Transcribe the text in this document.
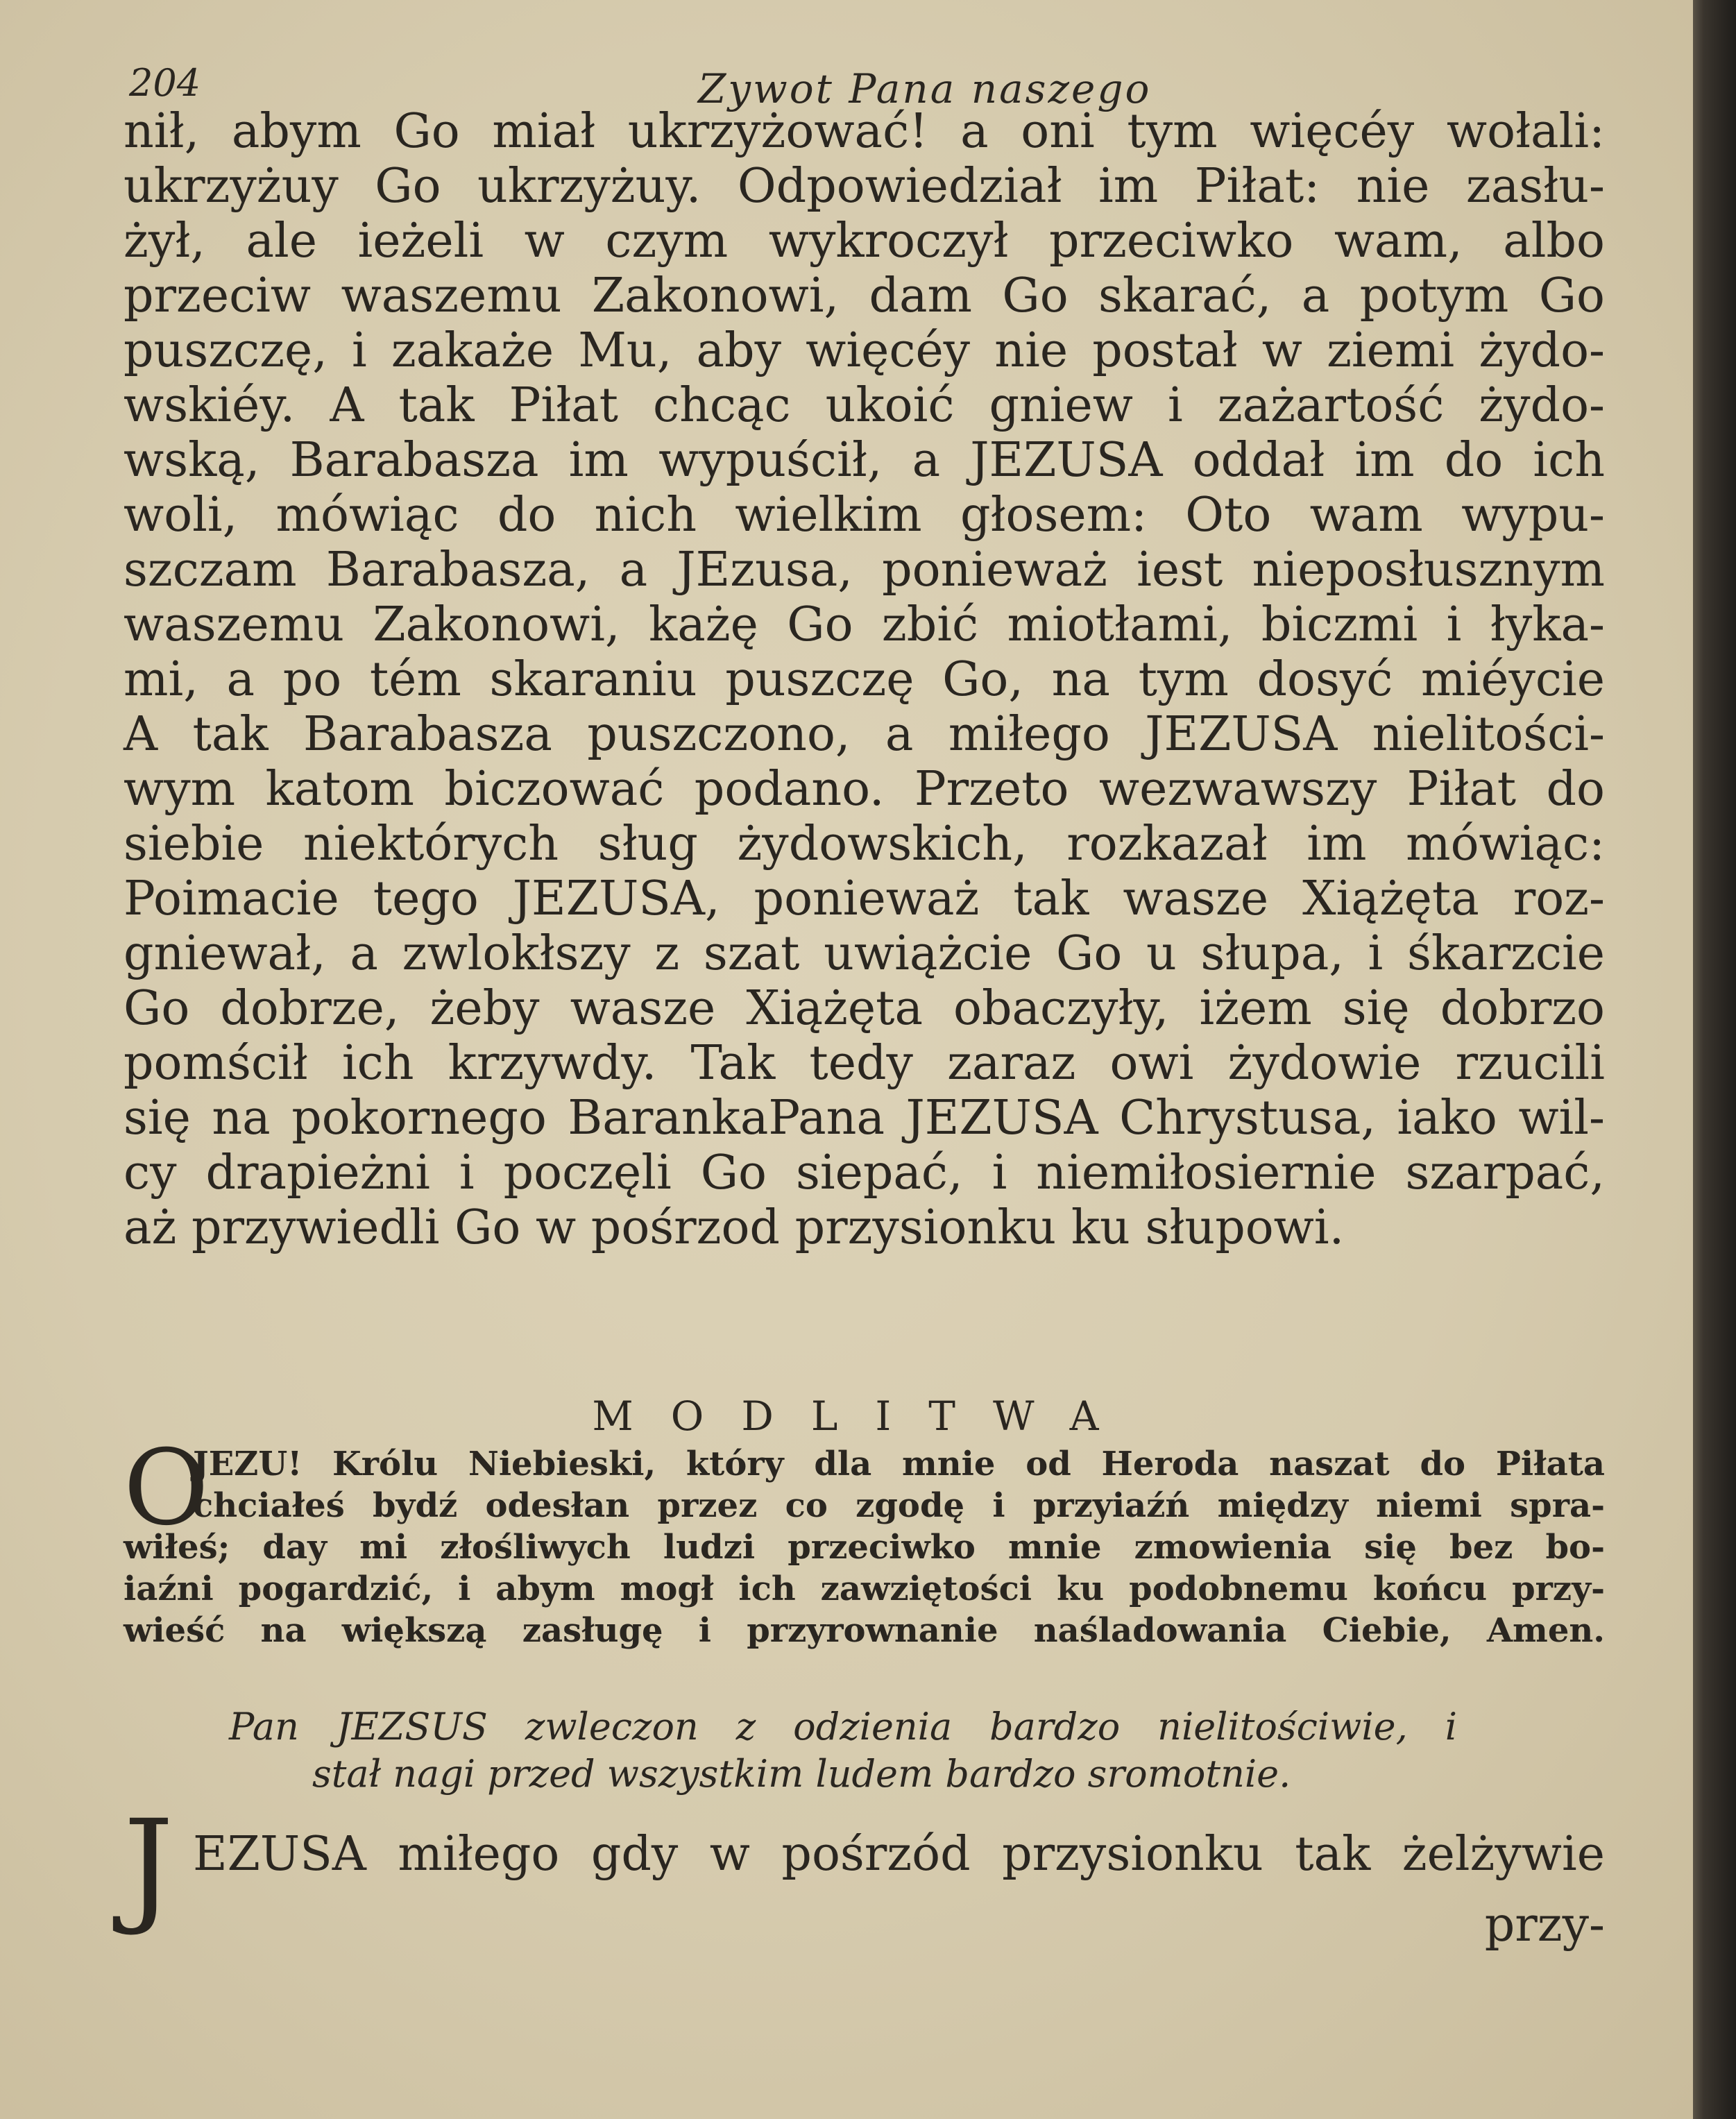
204	Zywot Pana naszego
nił, abym Go miał ukrzyżować! a oni tym więcéy wołali:
ukrzyżuy Go ukrzyżuy. Odpowiedział im Piłat: nie zasłu-
żył, ale ieżeli w czym wykroczył przeciwko wam, albo
przeciw waszemu Zakonowi, dam Go skarać, a potym Go
puszczę, i zakaże Mu, aby więcéy nie postał w ziemi żydo-
wskiéy. A tak Piłat chcąc ukoić gniew i zażartość żydo-
wską, Barabasza im wypuścił, a JEZUSA oddał im do ich
woli, mówiąc do nich wielkim głosem: Oto wam wypu-
szczam Barabasza, a JEzusa, ponieważ iest nieposłusznym
waszemu Zakonowi, każę Go zbić miotłami, biczmi i łyka-
mi, a po tém skaraniu puszczę Go, na tym dosyć miéycie
A tak Barabasza puszczono, a miłego JEZUSA nielitości-
wym katom biczować podano. Przeto wezwawszy Piłat do
siebie niektórych sług żydowskich, rozkazał im mówiąc:
Poimacie tego JEZUSA, ponieważ tak wasze Xiążęta roz-
gniewał, a zwlokłszy z szat uwiążcie Go u słupa, i śkarzcie
Go dobrze, żeby wasze Xiążęta obaczyły, iżem się dobrzo
pomścił ich krzywdy. Tak tedy zaraz owi żydowie rzucili
się na pokornego BarankaPana JEZUSA Chrystusa, iako wil-
cy drapieżni i poczęli Go siepać, i niemiłosiernie szarpać,
aż przywiedli Go w pośrzod przysionku ku słupowi.
MODLITWA
O
JEZU! Królu Niebieski, który dla mnie od Heroda naszat do Piłata
chciałeś bydź odesłan przez co zgodę i przyiaźń między niemi spra-
wiłeś; day mi złośliwych ludzi przeciwko mnie zmowienia się bez bo-
iaźni pogardzić, i abym mogł ich zawziętości ku podobnemu końcu przy-
wieść na większą zasługę i przyrownanie naśladowania Ciebie, Amen.
Pan JEZSUS zwleczon z odzienia bardzo nielitościwie, i
stał nagi przed wszystkim ludem bardzo sromotnie.
J EZUSA miłego gdy w pośrzód przysionku tak żelżywie
przy-
